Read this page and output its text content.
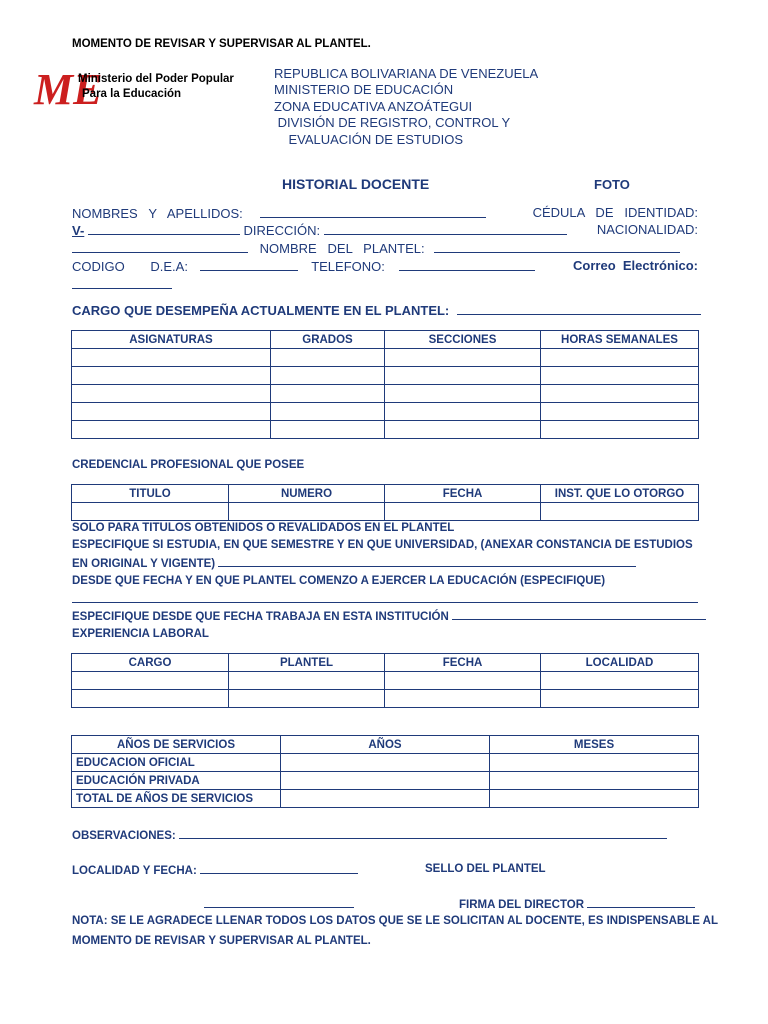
MOMENTO DE REVISAR Y SUPERVISAR AL PLANTEL.
ME
Ministerio del Poder Popular
Para la Educación
REPUBLICA BOLIVARIANA DE VENEZUELA
MINISTERIO DE EDUCACIÓN
ZONA EDUCATIVA ANZOÁTEGUI
DIVISIÓN DE REGISTRO, CONTROL Y
EVALUACIÓN DE ESTUDIOS
HISTORIAL DOCENTE	FOTO
NOMBRES   Y   APELLIDOS:	CÉDULA   DE   IDENTIDAD:
V-	DIRECCIÓN:	NACIONALIDAD:
NOMBRE   DEL   PLANTEL:
CODIGO D.E.A:	TELEFONO:	Correo  Electrónico:
CARGO QUE DESEMPEÑA ACTUALMENTE EN EL PLANTEL:
ASIGNATURAS	GRADOS	SECCIONES	HORAS SEMANALES

CREDENCIAL PROFESIONAL QUE POSEE
TITULO	NUMERO	FECHA	INST. QUE LO OTORGO

SOLO PARA TITULOS OBTENIDOS O REVALIDADOS EN EL PLANTEL
ESPECIFIQUE SI ESTUDIA, EN QUE SEMESTRE Y EN QUE UNIVERSIDAD, (ANEXAR CONSTANCIA DE ESTUDIOS
EN ORIGINAL Y VIGENTE)
DESDE QUE FECHA Y EN QUE PLANTEL COMENZO A EJERCER LA EDUCACIÓN (ESPECIFIQUE)
ESPECIFIQUE DESDE QUE FECHA TRABAJA EN ESTA INSTITUCIÓN
EXPERIENCIA LABORAL
CARGO	PLANTEL	FECHA	LOCALIDAD

AÑOS DE SERVICIOS	AÑOS	MESES
EDUCACION OFICIAL		
EDUCACIÓN PRIVADA		
TOTAL DE AÑOS DE SERVICIOS		
OBSERVACIONES:
LOCALIDAD Y FECHA:	SELLO DEL PLANTEL
FIRMA DEL DIRECTOR
NOTA: SE LE AGRADECE LLENAR TODOS LOS DATOS QUE SE LE SOLICITAN AL DOCENTE, ES INDISPENSABLE AL
MOMENTO DE REVISAR Y SUPERVISAR AL PLANTEL.
